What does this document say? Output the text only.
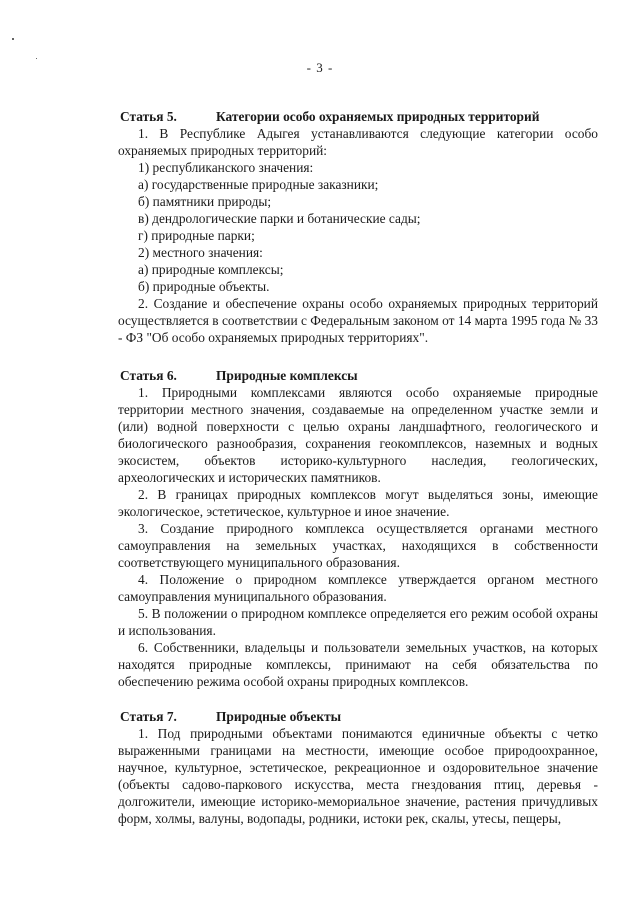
- 3 -
Статья 5.	Категории особо охраняемых природных территорий

1. В Республике Адыгея устанавливаются следующие категории особо охраняемых природных территорий:

1) республиканского значения:

а) государственные природные заказники;

б) памятники природы;

в) дендрологические парки и ботанические сады;

г) природные парки;

2) местного значения:

а) природные комплексы;

б) природные объекты.

2. Создание и обеспечение охраны особо охраняемых природных территорий осуществляется в соответствии с Федеральным законом от 14 марта 1995 года № 33 - ФЗ "Об особо охраняемых природных территориях".

Статья 6.	Природные комплексы

1. Природными комплексами являются особо охраняемые природные территории местного значения, создаваемые на определенном участке земли и (или) водной поверхности с целью охраны ландшафтного, геологического и биологического разнообразия, сохранения геокомплексов, наземных и водных экосистем, объектов историко-культурного наследия, геологических, археологических и исторических памятников.

2. В границах природных комплексов могут выделяться зоны, имеющие экологическое, эстетическое, культурное и иное значение.

3. Создание природного комплекса осуществляется органами местного самоуправления на земельных участках, находящихся в собственности соответствующего муниципального образования.

4. Положение о природном комплексе утверждается органом местного самоуправления муниципального образования.

5. В положении о природном комплексе определяется его режим особой охраны и использования.

6. Собственники, владельцы и пользователи земельных участков, на которых находятся природные комплексы, принимают на себя обязательства по обеспечению режима особой охраны природных комплексов.

Статья 7.	Природные объекты

1. Под природными объектами понимаются единичные объекты с четко выраженными границами на местности, имеющие особое природоохранное, научное, культурное, эстетическое, рекреационное и оздоровительное значение (объекты садово-паркового искусства, места гнездования птиц, деревья - долгожители, имеющие историко-мемориальное значение, растения причудливых форм, холмы, валуны, водопады, родники, истоки рек, скалы, утесы, пещеры,
